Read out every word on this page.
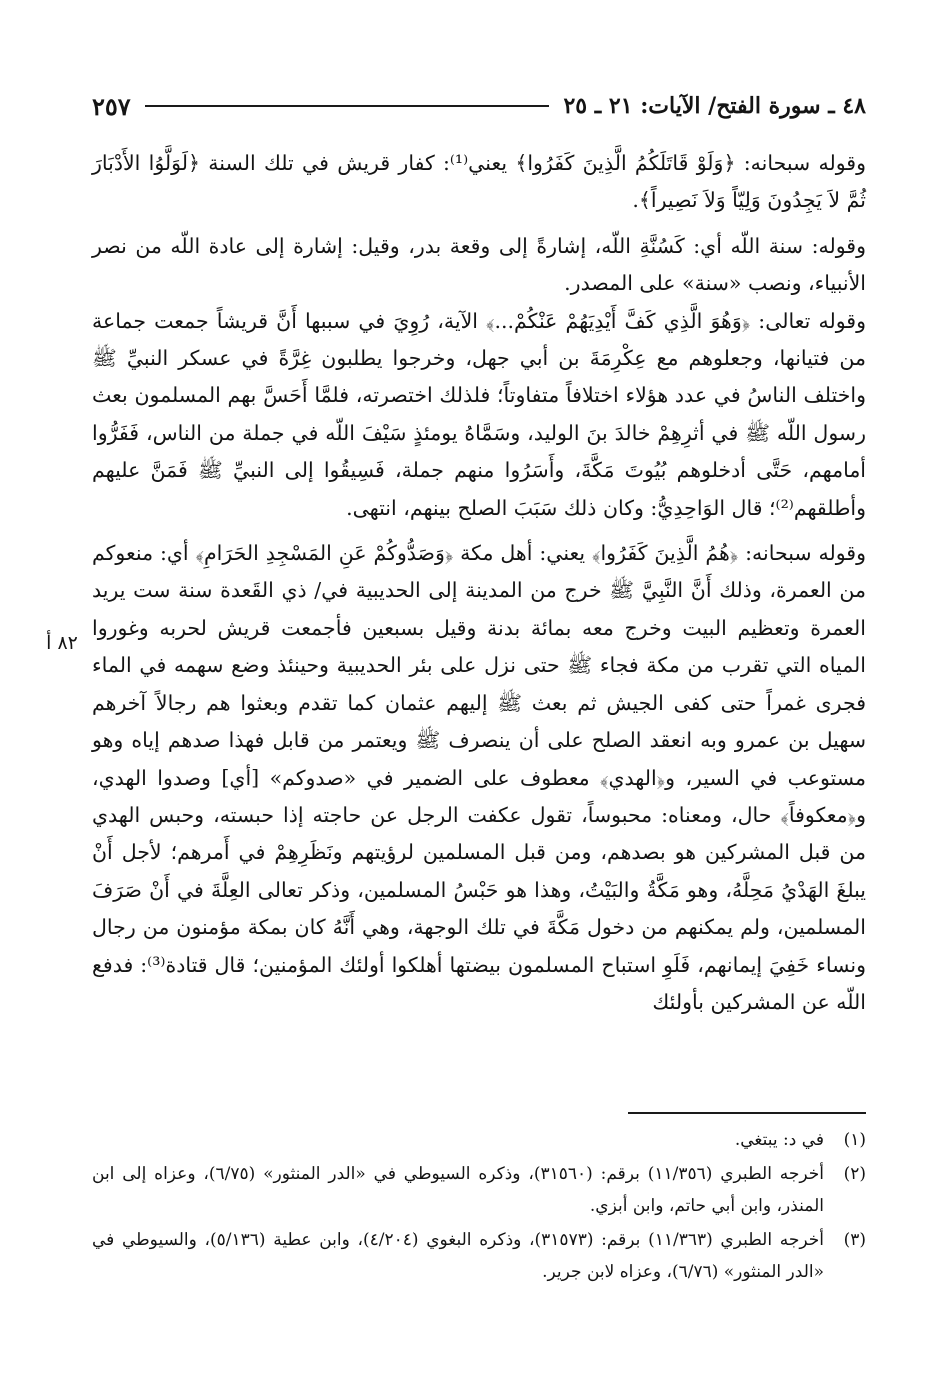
٤٨ ـ سورة الفتح/ الآيات: ٢١ ـ ٢٥
٢٥٧

وقوله سبحانه: ﴿وَلَوْ قَاتَلَكُمُ الَّذِينَ كَفَرُوا﴾ يعني⁽¹⁾: كفار قريش في تلك السنة ﴿لَوَلَّوُا الأَدْبَارَ ثُمَّ لاَ يَجِدُونَ وَلِيّاً وَلاَ نَصِيراً﴾.

وقوله: سنة اللّه أي: كَسُنَّةِ اللّه، إشارةً إلى وقعة بدر، وقيل: إشارة إلى عادة اللّه من نصر الأنبياء، ونصب «سنة» على المصدر.

وقوله تعالى: ﴿وَهُوَ الَّذِي كَفَّ أَيْدِيَهُمْ عَنْكُمْ...﴾ الآية، رُوِيَ في سببها أَنَّ قريشاً جمعت جماعة من فتيانها، وجعلوهم مع عِكْرِمَةَ بن أبي جهل، وخرجوا يطلبون غِرَّةً في عسكر النبيِّ ﷺ واختلف الناسُ في عدد هؤلاء اختلافاً متفاوتاً؛ فلذلك اختصرته، فلمَّا أَحَسَّ بهم المسلمون بعث رسول اللّه ﷺ في أثرِهِمْ خالدَ بنَ الوليد، وسَمَّاهُ يومئذٍ سَيْفَ اللّه في جملة من الناس، فَفَرُّوا أمامهم، حَتَّى أدخلوهم بُيُوتَ مَكَّةَ، وأَسَرُوا منهم جملة، فَسِيقُوا إلى النبيِّ ﷺ فَمَنَّ عليهم وأطلقهم⁽²⁾؛ قال الوَاحِدِيُّ: وكان ذلك سَبَبَ الصلح بينهم، انتهى.

وقوله سبحانه: ﴿هُمُ الَّذِينَ كَفَرُوا﴾ يعني: أهل مكة ﴿وَصَدُّوكُمْ عَنِ المَسْجِدِ الحَرَامِ﴾ أي: منعوكم من العمرة، وذلك أَنَّ النَّبِيَّ ﷺ خرج من المدينة إلى الحديبية في/ ذي القَعدة سنة ست يريد العمرة وتعظيم البيت وخرج معه بمائة بدنة وقيل بسبعين فأجمعت قريش لحربه وغوروا المياه التي تقرب من مكة فجاء ﷺ حتى نزل على بئر الحديبية وحينئذ وضع سهمه في الماء فجرى غمراً حتى كفى الجيش ثم بعث ﷺ إليهم عثمان كما تقدم وبعثوا هم رجالاً آخرهم سهيل بن عمرو وبه انعقد الصلح على أن ينصرف ﷺ ويعتمر من قابل فهذا صدهم إياه وهو مستوعب في السير، و﴿الهدي﴾ معطوف على الضمير في «صدوكم» [أي] وصدوا الهدي، و﴿معكوفاً﴾ حال، ومعناه: محبوساً، تقول عكفت الرجل عن حاجته إذا حبسته، وحبس الهدي من قبل المشركين هو بصدهم، ومن قبل المسلمين لرؤيتهم ونَظَرِهِمْ في أَمرهم؛ لأجل أَنْ يبلغَ الهَدْيُ مَحِلَّهُ، وهو مَكَّةُ والبَيْتُ، وهذا هو حَبْسُ المسلمين، وذكر تعالى العِلَّةَ في أَنْ صَرَفَ المسلمين، ولم يمكنهم من دخول مَكَّةَ في تلك الوجهة، وهي أَنَّهُ كان بمكة مؤمنون من رجال ونساء خَفِيَ إيمانهم، فَلَوِ استباح المسلمون بيضتها أهلكوا أولئك المؤمنين؛ قال قتادة⁽³⁾: فدفع اللّه عن المشركين بأولئك

٨٢ أ
(١)
في د: يبتغي.
(٢)
أخرجه الطبري (١١/٣٥٦) برقم: (٣١٥٦٠)، وذكره السيوطي في «الدر المنثور» (٦/٧٥)، وعزاه إلى ابن المنذر، وابن أبي حاتم، وابن أبزي.
(٣)
أخرجه الطبري (١١/٣٦٣) برقم: (٣١٥٧٣)، وذكره البغوي (٤/٢٠٤)، وابن عطية (٥/١٣٦)، والسيوطي في «الدر المنثور» (٦/٧٦)، وعزاه لابن جرير.
